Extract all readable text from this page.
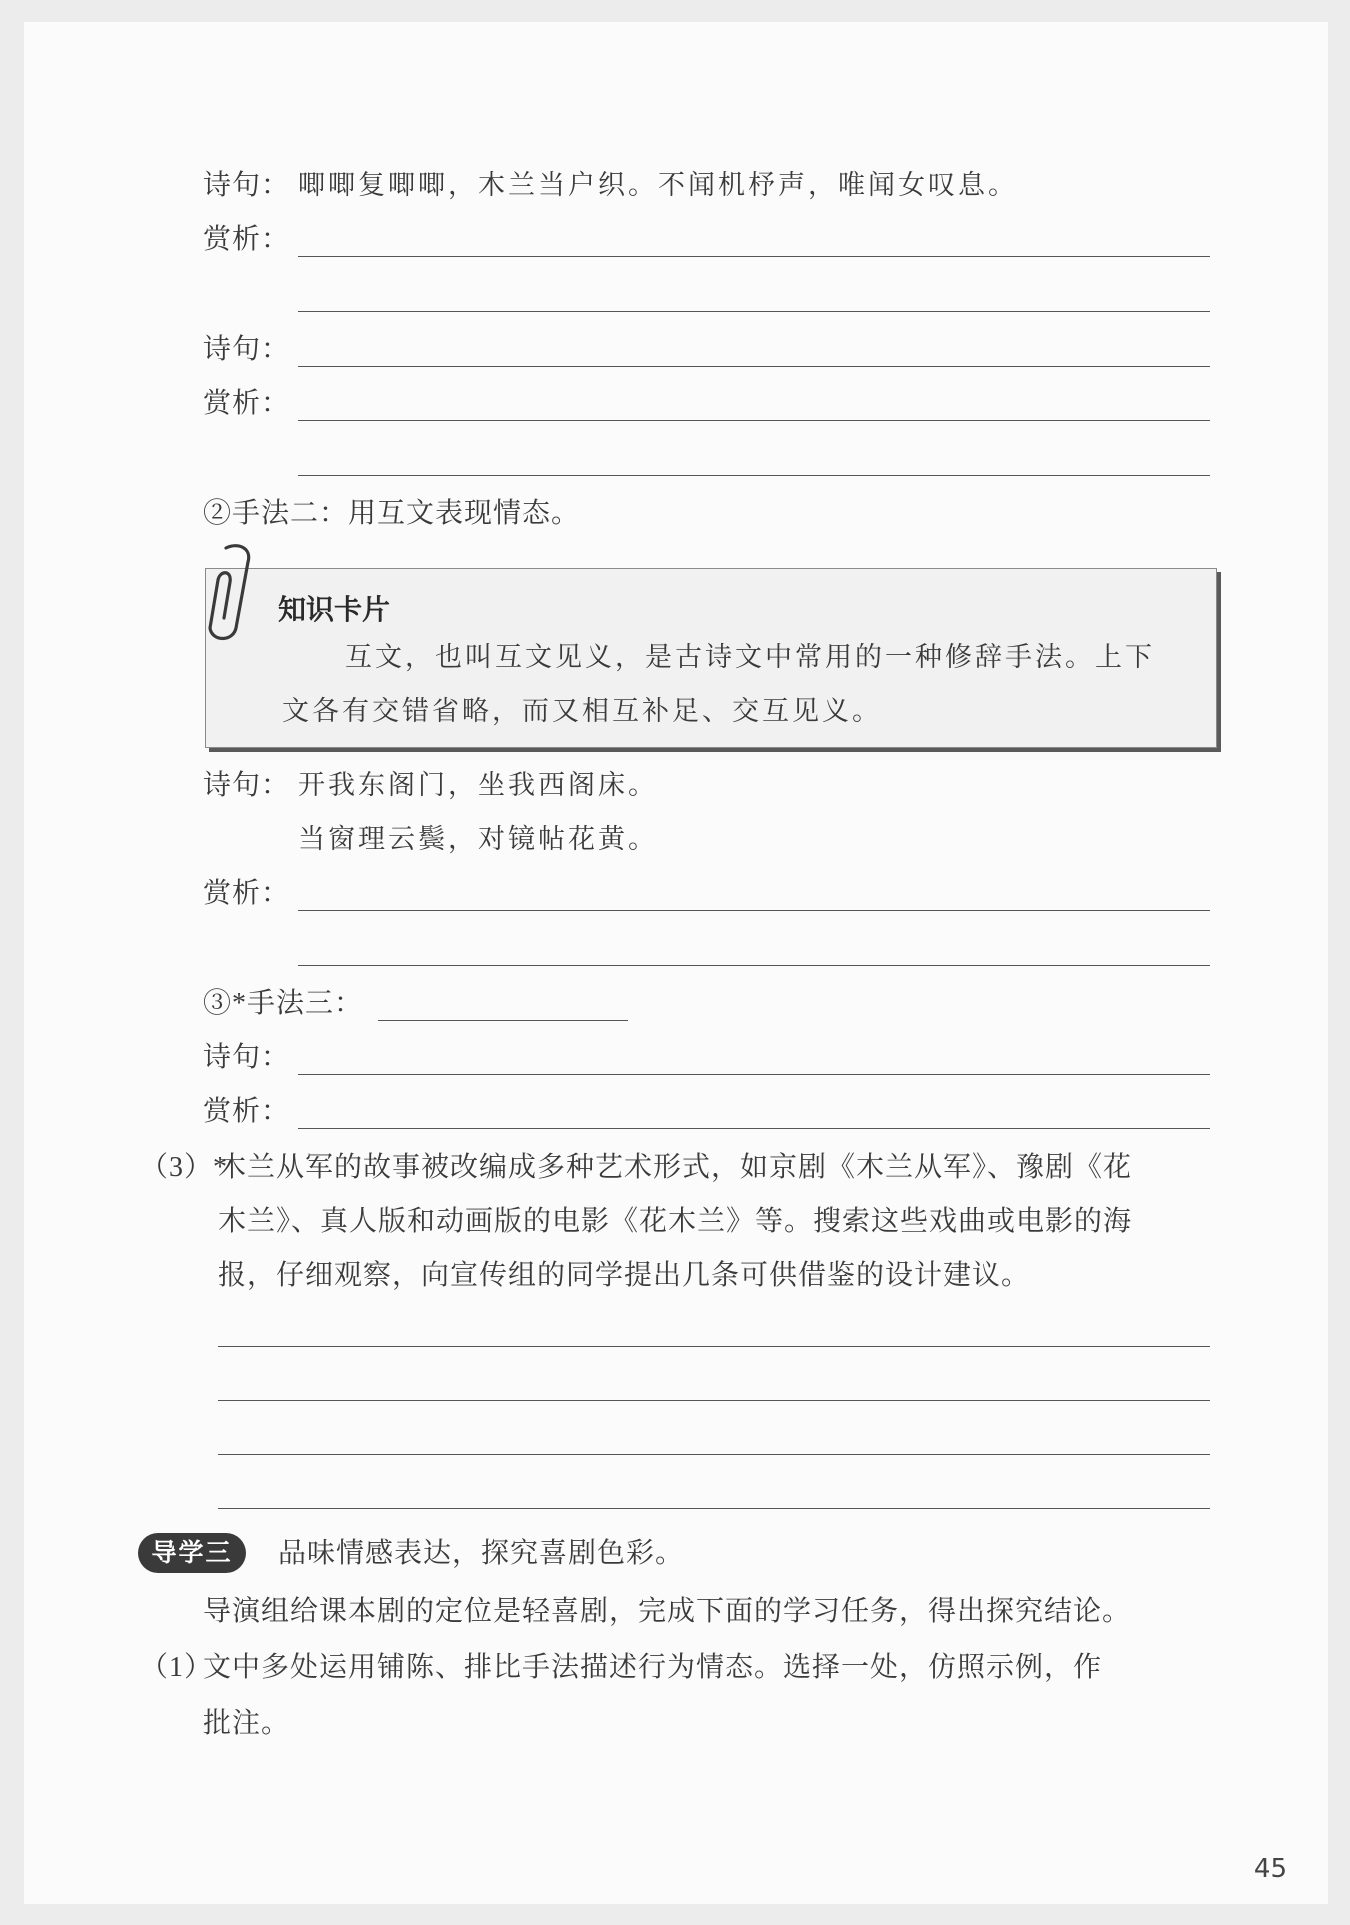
诗句： 唧唧复唧唧，木兰当户织。不闻机杼声，唯闻女叹息。
赏析：
诗句：
赏析：
②手法二：用互文表现情态。
知识卡片
互文，也叫互文见义，是古诗文中常用的一种修辞手法。上下
文各有交错省略，而又相互补足、交互见义。
诗句： 开我东阁门，坐我西阁床。
当窗理云鬓，对镜帖花黄。
赏析：
③*手法三：
诗句：
赏析：
（3）*
木兰从军的故事被改编成多种艺术形式，如京剧《木兰从军》、豫剧《花
木兰》、真人版和动画版的电影《花木兰》等。搜索这些戏曲或电影的海
报，仔细观察，向宣传组的同学提出几条可供借鉴的设计建议。
导学三	品味情感表达，探究喜剧色彩。
导演组给课本剧的定位是轻喜剧，完成下面的学习任务，得出探究结论。
（1）
文中多处运用铺陈、排比手法描述行为情态。选择一处，仿照示例，作
批注。
45
